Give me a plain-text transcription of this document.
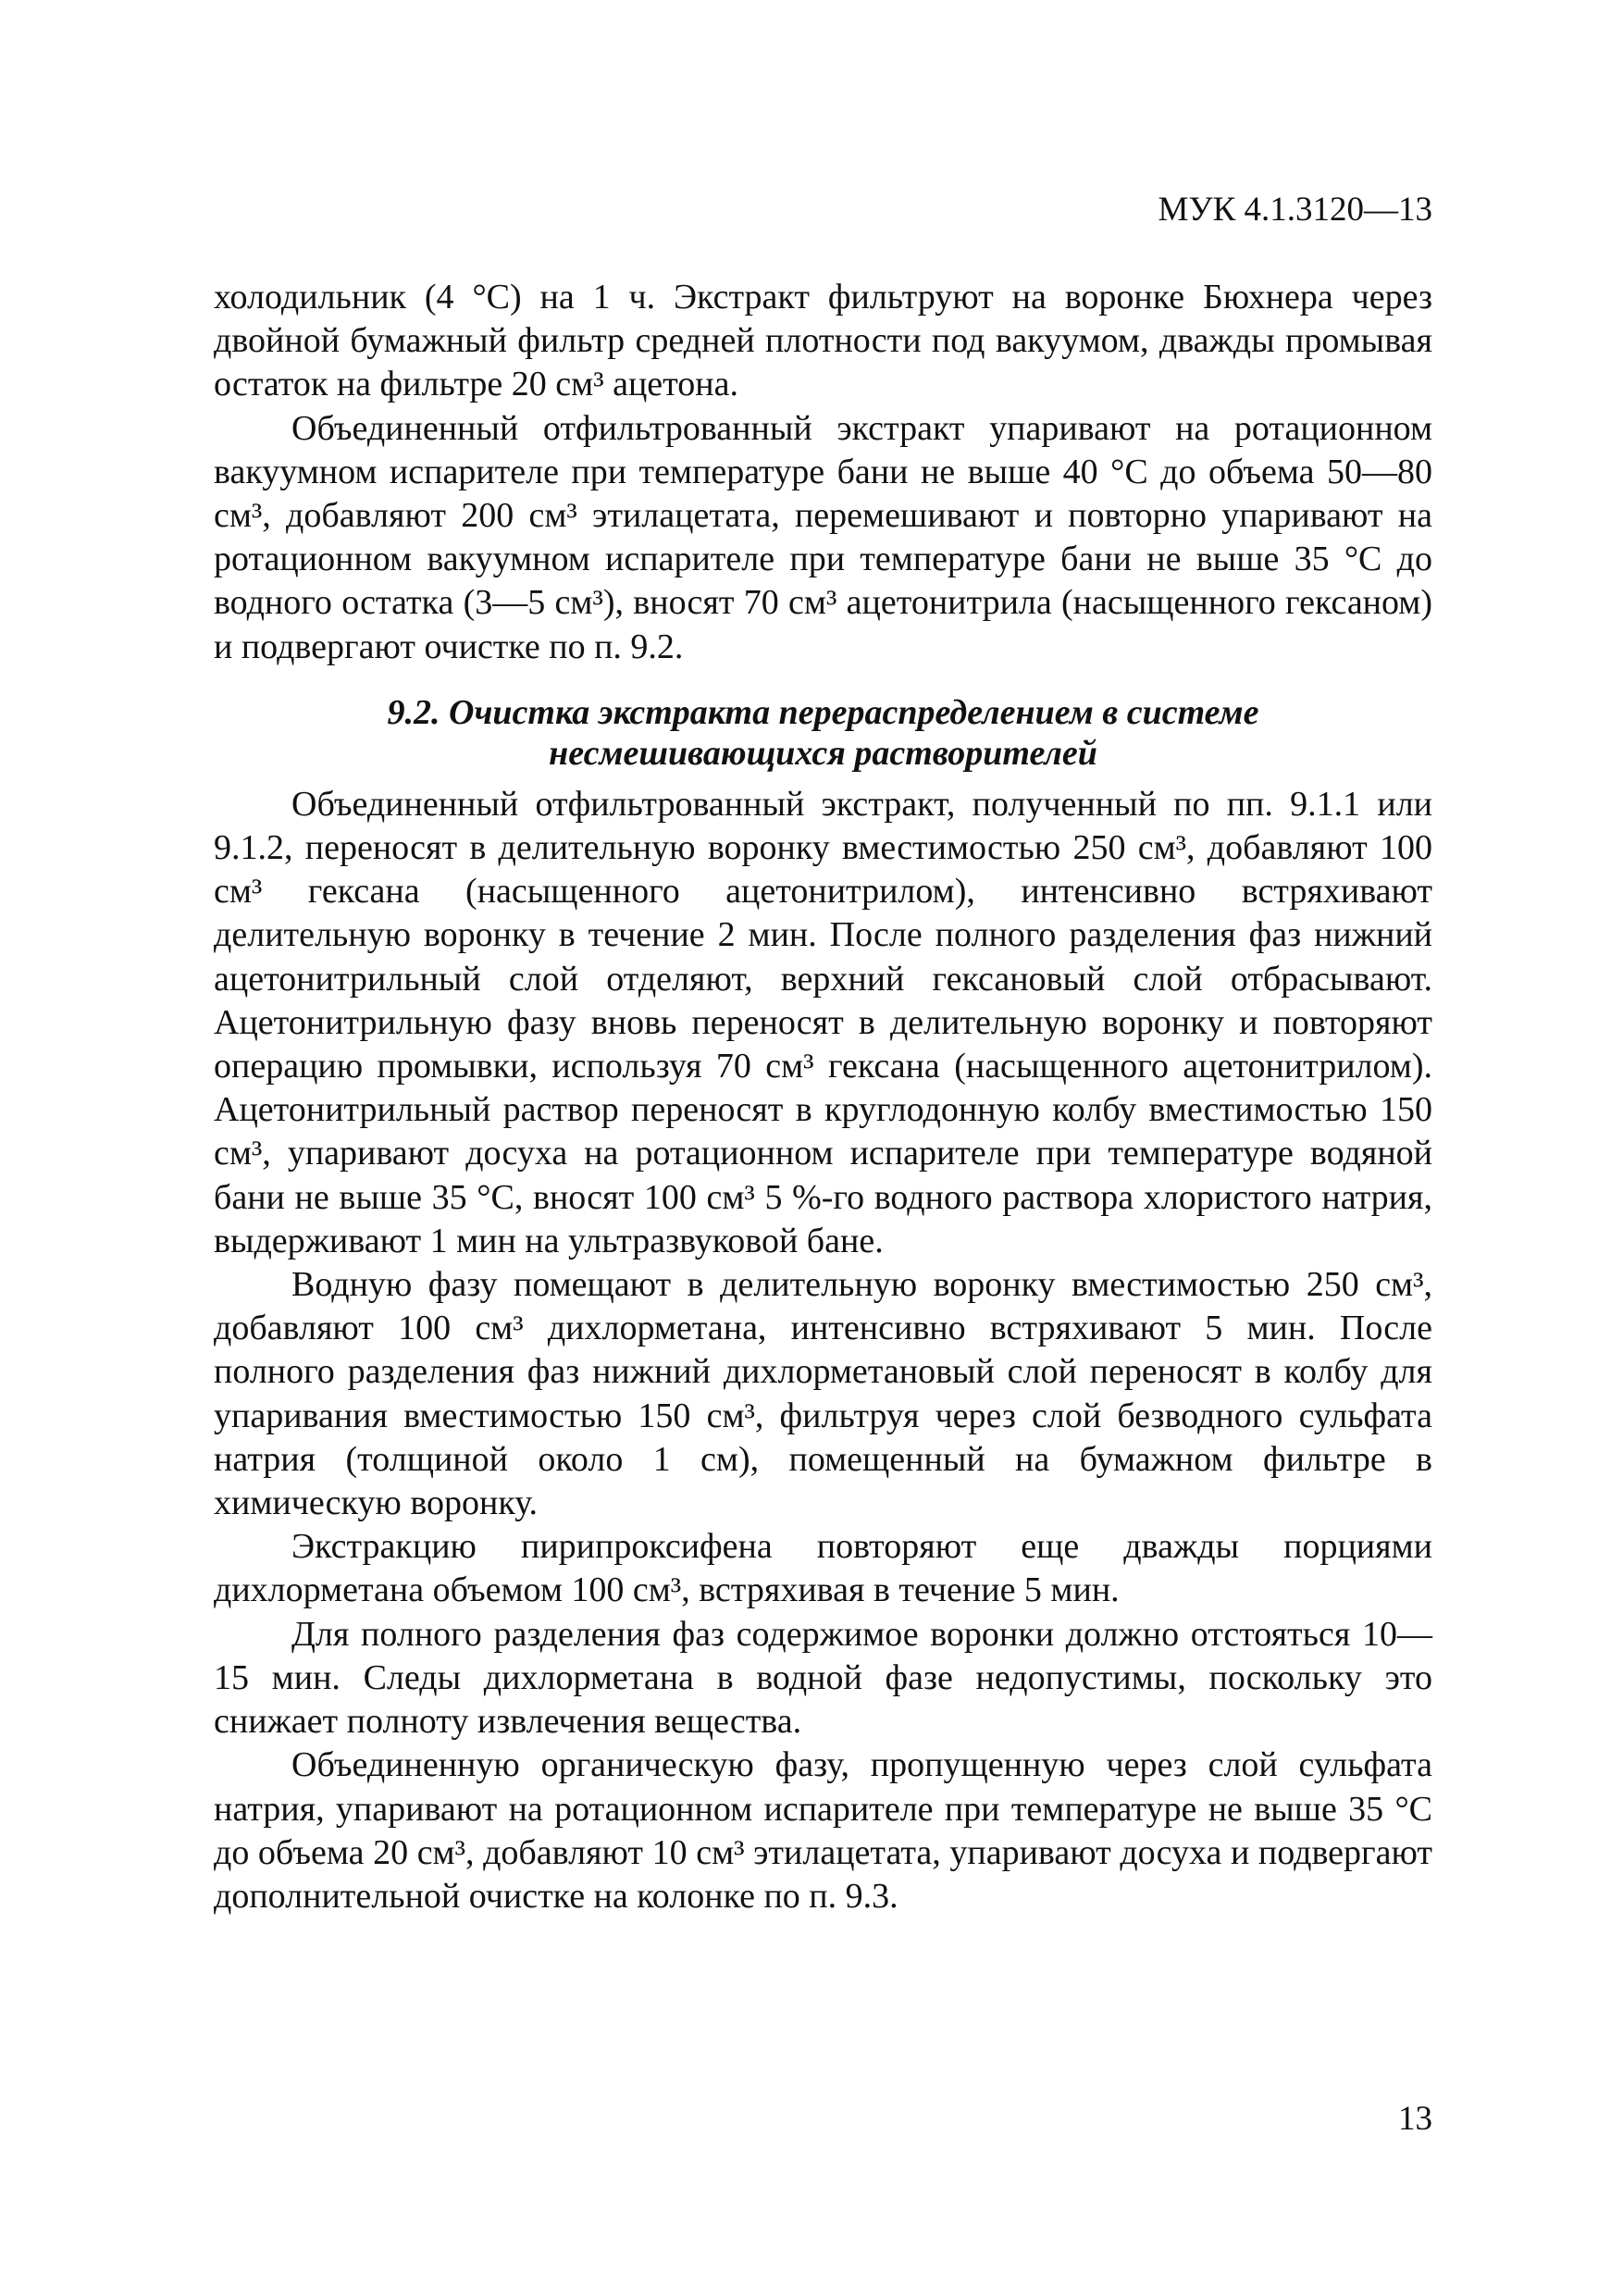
МУК 4.1.3120—13

холодильник (4 °С) на 1 ч. Экстракт фильтруют на воронке Бюхнера через двойной бумажный фильтр средней плотности под вакуумом, дважды промывая остаток на фильтре 20 см³ ацетона.

Объединенный отфильтрованный экстракт упаривают на ротационном вакуумном испарителе при температуре бани не выше 40 °С до объема 50—80 см³, добавляют 200 см³ этилацетата, перемешивают и повторно упаривают на ротационном вакуумном испарителе при температуре бани не выше 35 °С до водного остатка (3—5 см³), вносят 70 см³ ацетонитрила (насыщенного гексаном) и подвергают очистке по п. 9.2.

9.2. Очистка экстракта перераспределением в системе
несмешивающихся растворителей

Объединенный отфильтрованный экстракт, полученный по пп. 9.1.1 или 9.1.2, переносят в делительную воронку вместимостью 250 см³, добавляют 100 см³ гексана (насыщенного ацетонитрилом), интенсивно встряхивают делительную воронку в течение 2 мин. После полного разделения фаз нижний ацетонитрильный слой отделяют, верхний гексановый слой отбрасывают. Ацетонитрильную фазу вновь переносят в делительную воронку и повторяют операцию промывки, используя 70 см³ гексана (насыщенного ацетонитрилом). Ацетонитрильный раствор переносят в круглодонную колбу вместимостью 150 см³, упаривают досуха на ротационном испарителе при температуре водяной бани не выше 35 °С, вносят 100 см³ 5 %-го водного раствора хлористого натрия, выдерживают 1 мин на ультразвуковой бане.

Водную фазу помещают в делительную воронку вместимостью 250 см³, добавляют 100 см³ дихлорметана, интенсивно встряхивают 5 мин. После полного разделения фаз нижний дихлорметановый слой переносят в колбу для упаривания вместимостью 150 см³, фильтруя через слой безводного сульфата натрия (толщиной около 1 см), помещенный на бумажном фильтре в химическую воронку.

Экстракцию пирипроксифена повторяют еще дважды порциями дихлорметана объемом 100 см³, встряхивая в течение 5 мин.

Для полного разделения фаз содержимое воронки должно отстояться 10—15 мин. Следы дихлорметана в водной фазе недопустимы, поскольку это снижает полноту извлечения вещества.

Объединенную органическую фазу, пропущенную через слой сульфата натрия, упаривают на ротационном испарителе при температуре не выше 35 °С до объема 20 см³, добавляют 10 см³ этилацетата, упаривают досуха и подвергают дополнительной очистке на колонке по п. 9.3.

13
